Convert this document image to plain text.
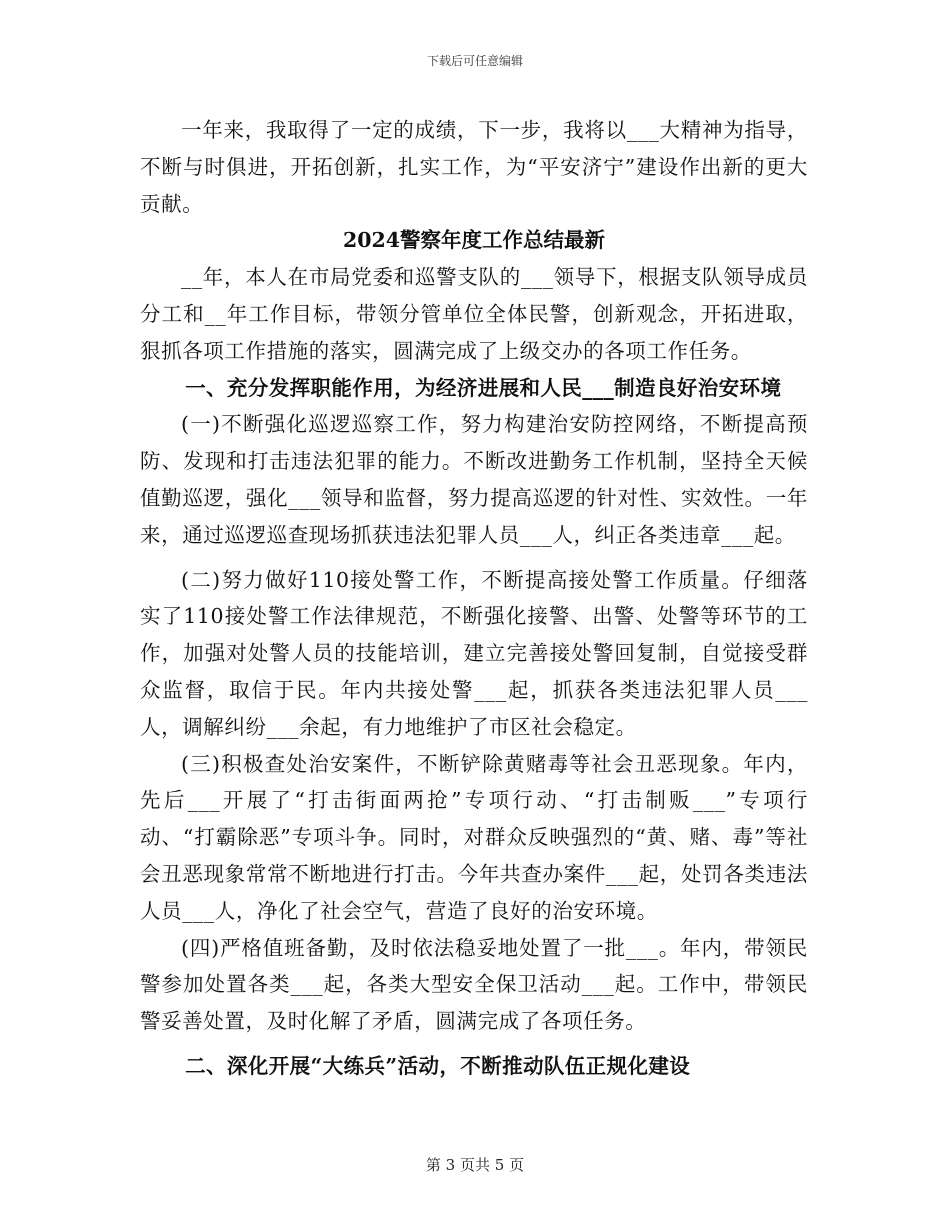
下载后可任意编辑

一年来，我取得了一定的成绩，下一步，我将以___大精神为指导，不断与时俱进，开拓创新，扎实工作，为“平安济宁”建设作出新的更大贡献。

2024警察年度工作总结最新

__年，本人在市局党委和巡警支队的___领导下，根据支队领导成员分工和__年工作目标，带领分管单位全体民警，创新观念，开拓进取，狠抓各项工作措施的落实，圆满完成了上级交办的各项工作任务。

一、充分发挥职能作用，为经济进展和人民___制造良好治安环境

(一)不断强化巡逻巡察工作，努力构建治安防控网络，不断提高预防、发现和打击违法犯罪的能力。不断改进勤务工作机制，坚持全天候值勤巡逻，强化___领导和监督，努力提高巡逻的针对性、实效性。一年来，通过巡逻巡查现场抓获违法犯罪人员___人，纠正各类违章___起。

(二)努力做好110接处警工作，不断提高接处警工作质量。仔细落实了110接处警工作法律规范，不断强化接警、出警、处警等环节的工作，加强对处警人员的技能培训，建立完善接处警回复制，自觉接受群众监督，取信于民。年内共接处警___起，抓获各类违法犯罪人员___人，调解纠纷___余起，有力地维护了市区社会稳定。

(三)积极查处治安案件，不断铲除黄赌毒等社会丑恶现象。年内，先后___开展了“打击街面两抢”专项行动、“打击制贩___”专项行动、“打霸除恶”专项斗争。同时，对群众反映强烈的“黄、赌、毒”等社会丑恶现象常常不断地进行打击。今年共查办案件___起，处罚各类违法人员___人，净化了社会空气，营造了良好的治安环境。

(四)严格值班备勤，及时依法稳妥地处置了一批___。年内，带领民警参加处置各类___起，各类大型安全保卫活动___起。工作中，带领民警妥善处置，及时化解了矛盾，圆满完成了各项任务。

二、深化开展“大练兵”活动，不断推动队伍正规化建设
第 3 页共 5 页
